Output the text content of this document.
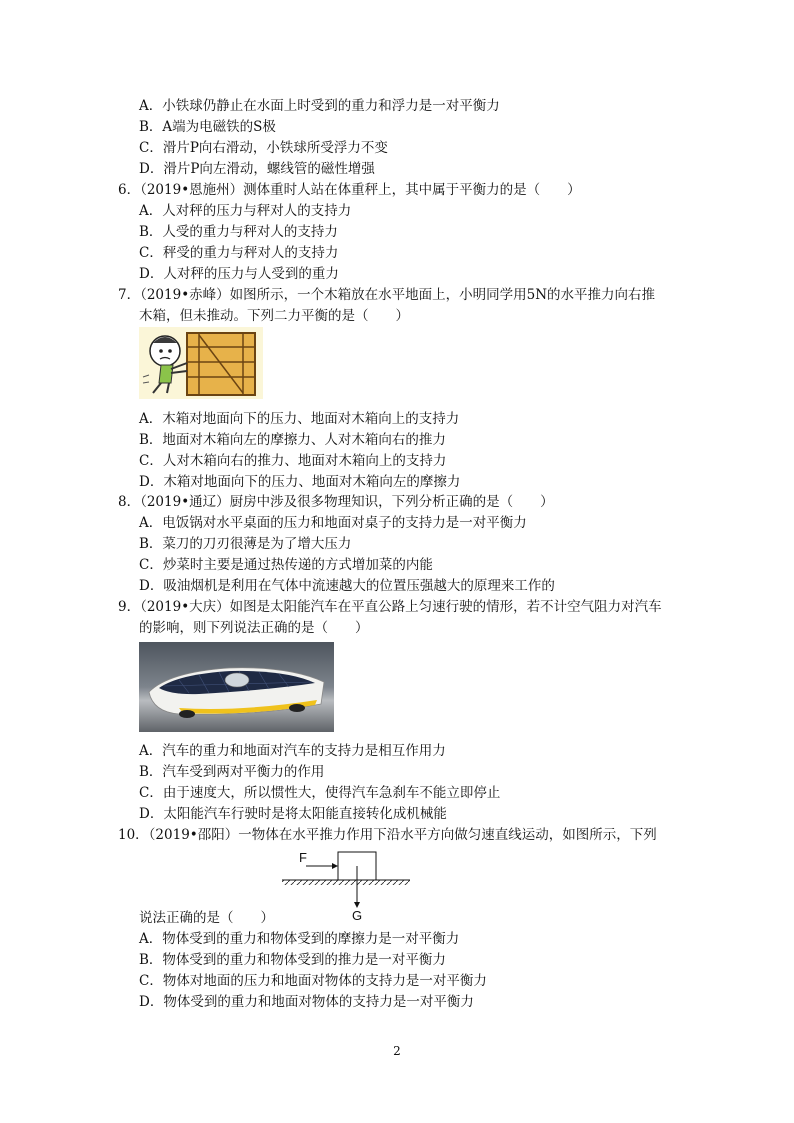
A．小铁球仍静止在水面上时受到的重力和浮力是一对平衡力
B．A端为电磁铁的S极
C．滑片P向右滑动，小铁球所受浮力不变
D．滑片P向左滑动，螺线管的磁性增强
6．（2019•恩施州）测体重时人站在体重秤上，其中属于平衡力的是（　　）
A．人对秤的压力与秤对人的支持力
B．人受的重力与秤对人的支持力
C．秤受的重力与秤对人的支持力
D．人对秤的压力与人受到的重力
7．（2019•赤峰）如图所示，一个木箱放在水平地面上，小明同学用5N的水平推力向右推
木箱，但未推动。下列二力平衡的是（　　）
A．木箱对地面向下的压力、地面对木箱向上的支持力
B．地面对木箱向左的摩擦力、人对木箱向右的推力
C．人对木箱向右的推力、地面对木箱向上的支持力
D．木箱对地面向下的压力、地面对木箱向左的摩擦力
8．（2019•通辽）厨房中涉及很多物理知识，下列分析正确的是（　　）
A．电饭锅对水平桌面的压力和地面对桌子的支持力是一对平衡力
B．菜刀的刀刃很薄是为了增大压力
C．炒菜时主要是通过热传递的方式增加菜的内能
D．吸油烟机是利用在气体中流速越大的位置压强越大的原理来工作的
9．（2019•大庆）如图是太阳能汽车在平直公路上匀速行驶的情形，若不计空气阻力对汽车
的影响，则下列说法正确的是（　　）
A．汽车的重力和地面对汽车的支持力是相互作用力
B．汽车受到两对平衡力的作用
C．由于速度大，所以惯性大，使得汽车急刹车不能立即停止
D．太阳能汽车行驶时是将太阳能直接转化成机械能
10．（2019•邵阳）一物体在水平推力作用下沿水平方向做匀速直线运动，如图所示，下列
F
G
说法正确的是（　　）
A．物体受到的重力和物体受到的摩擦力是一对平衡力
B．物体受到的重力和物体受到的推力是一对平衡力
C．物体对地面的压力和地面对物体的支持力是一对平衡力
D．物体受到的重力和地面对物体的支持力是一对平衡力
2
